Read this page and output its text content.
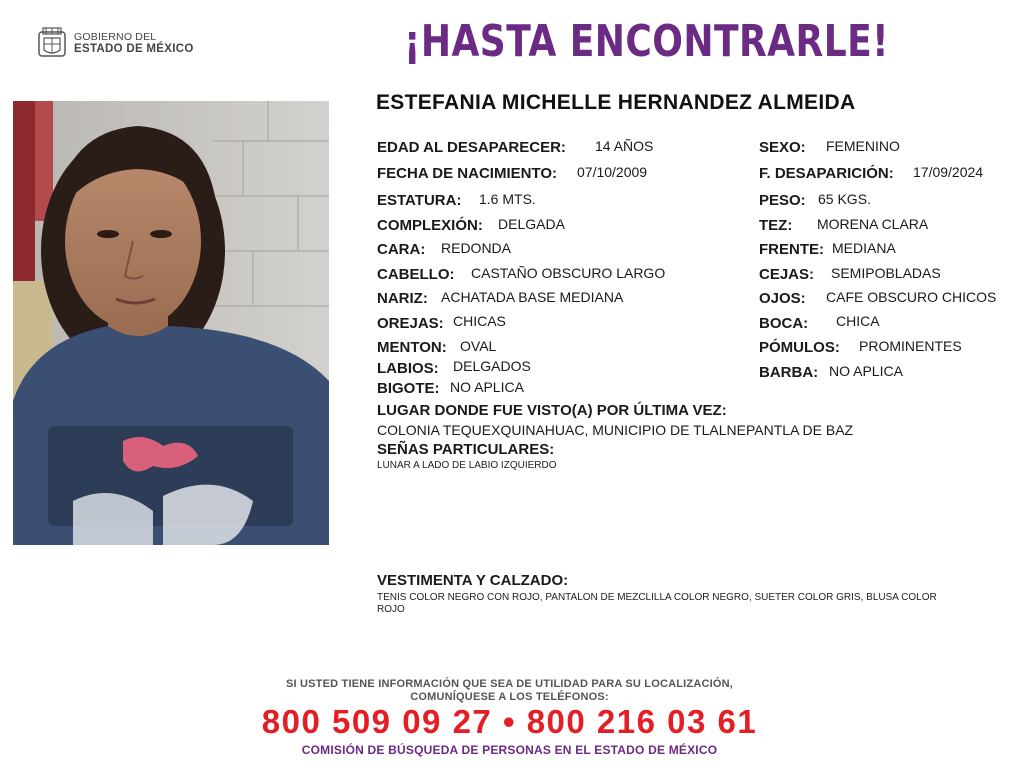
GOBIERNO DEL
ESTADO DE MÉXICO	¡HASTA ENCONTRARLE!
ESTEFANIA MICHELLE HERNANDEZ ALMEIDA
EDAD AL DESAPARECER: 14 AÑOS
FECHA DE NACIMIENTO: 07/10/2009
ESTATURA: 1.6 MTS.
COMPLEXIÓN: DELGADA
CARA: REDONDA
CABELLO: CASTAÑO OBSCURO LARGO
NARIZ: ACHATADA BASE MEDIANA
OREJAS: CHICAS
MENTON: OVAL
LABIOS: DELGADOS
BIGOTE: NO APLICA
SEXO: FEMENINO
F. DESAPARICIÓN: 17/09/2024
PESO: 65 KGS.
TEZ: MORENA CLARA
FRENTE: MEDIANA
CEJAS: SEMIPOBLADAS
OJOS: CAFE OBSCURO CHICOS
BOCA: CHICA
PÓMULOS: PROMINENTES
BARBA: NO APLICA
LUGAR DONDE FUE VISTO(A) POR ÚLTIMA VEZ:
COLONIA TEQUEXQUINAHUAC, MUNICIPIO DE TLALNEPANTLA DE BAZ
SEÑAS PARTICULARES:
LUNAR A LADO DE LABIO IZQUIERDO
VESTIMENTA Y CALZADO:
TENIS COLOR NEGRO CON ROJO, PANTALON DE MEZCLILLA COLOR NEGRO, SUETER COLOR GRIS, BLUSA COLOR
ROJO
SI USTED TIENE INFORMACIÓN QUE SEA DE UTILIDAD PARA SU LOCALIZACIÓN,
COMUNÍQUESE A LOS TELÉFONOS:
800 509 09 27 • 800 216 03 61
COMISIÓN DE BÚSQUEDA DE PERSONAS EN EL ESTADO DE MÉXICO
